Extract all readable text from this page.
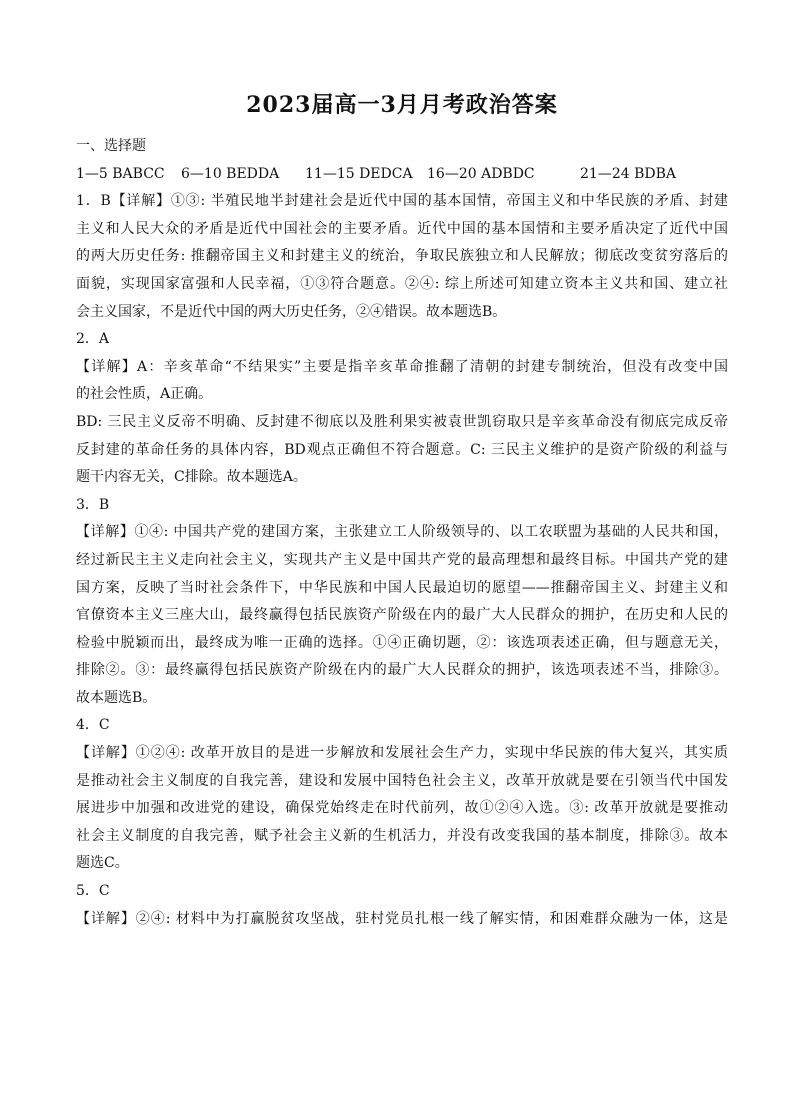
2023届高一3月月考政治答案
一、选择题
1—5 BABCC	6—10 BEDDA	11—15 DEDCA	16—20 ADBDC	21—24 BDBA
1．B【详解】①③: 半殖民地半封建社会是近代中国的基本国情，帝国主义和中华民族的矛盾、封建
主义和人民大众的矛盾是近代中国社会的主要矛盾。近代中国的基本国情和主要矛盾决定了近代中国
的两大历史任务: 推翻帝国主义和封建主义的统治，争取民族独立和人民解放；彻底改变贫穷落后的
面貌，实现国家富强和人民幸福，①③符合题意。②④: 综上所述可知建立资本主义共和国、建立社
会主义国家，不是近代中国的两大历史任务，②④错误。故本题选B。
2．A
【详解】A：辛亥革命“不结果实”主要是指辛亥革命推翻了清朝的封建专制统治，但没有改变中国
的社会性质，A正确。
BD: 三民主义反帝不明确、反封建不彻底以及胜利果实被袁世凯窃取只是辛亥革命没有彻底完成反帝
反封建的革命任务的具体内容，BD观点正确但不符合题意。C: 三民主义维护的是资产阶级的利益与
题干内容无关，C排除。故本题选A。
3．B
【详解】①④: 中国共产党的建国方案，主张建立工人阶级领导的、以工农联盟为基础的人民共和国，
经过新民主主义走向社会主义，实现共产主义是中国共产党的最高理想和最终目标。中国共产党的建
国方案，反映了当时社会条件下，中华民族和中国人民最迫切的愿望——推翻帝国主义、封建主义和
官僚资本主义三座大山，最终赢得包括民族资产阶级在内的最广大人民群众的拥护，在历史和人民的
检验中脱颖而出，最终成为唯一正确的选择。①④正确切题，②：该选项表述正确，但与题意无关，
排除②。③：最终赢得包括民族资产阶级在内的最广大人民群众的拥护，该选项表述不当，排除③。
故本题选B。
4．C
【详解】①②④: 改革开放目的是进一步解放和发展社会生产力，实现中华民族的伟大复兴，其实质
是推动社会主义制度的自我完善，建设和发展中国特色社会主义，改革开放就是要在引领当代中国发
展进步中加强和改进党的建设，确保党始终走在时代前列，故①②④入选。③: 改革开放就是要推动
社会主义制度的自我完善，赋予社会主义新的生机活力，并没有改变我国的基本制度，排除③。故本
题选C。
5．C
【详解】②④: 材料中为打赢脱贫攻坚战，驻村党员扎根一线了解实情，和困难群众融为一体，这是
